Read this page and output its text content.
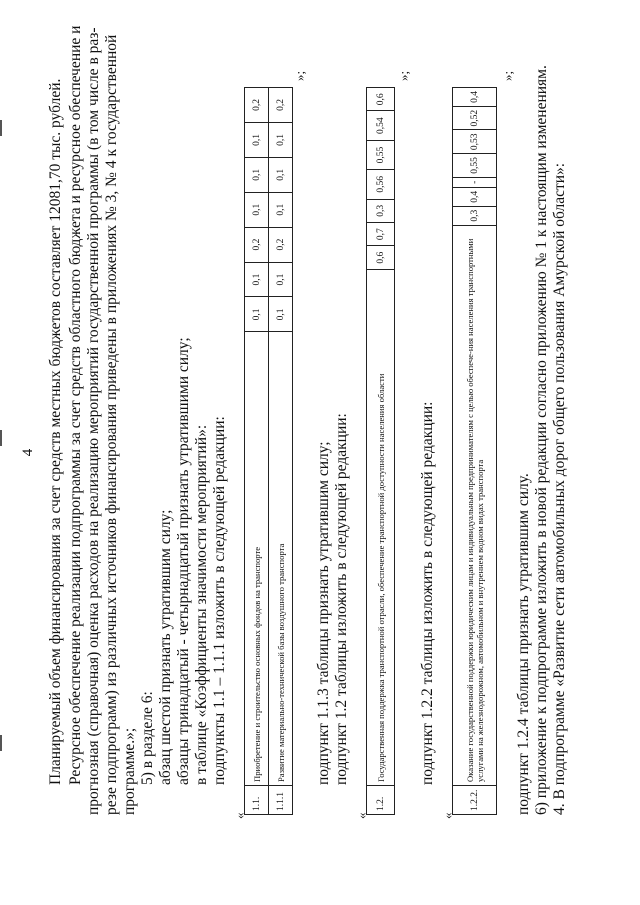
4 Планируемый объем финансирования за счет средств местных бюджетов составляет 12081,70 тыс. рублей. Ресурсное обеспечение реализации подпрограммы за счет средств областного бюджета и ресурсное обеспечение и прогнозная (справочная) оценка расходов на реализацию мероприятий государственной программы (в том числе в раз- резе подпрограмм) из различных источников финансирования приведены в приложениях № 3, № 4 к государственной программе.»; 5) в разделе 6: абзац шестой признать утратившим силу; абзацы тринадцатый - четырнадцатый признать утратившими силу; в таблице «Коэффициенты значимости мероприятий»: подпункты 1.1 – 1.1.1 изложить в следующей редакции:
«
1.1.	Приобретение и строительство основных фондов на транспорте	0,1	0,1	0,2	0,1	0,1	0,1	0,2
1.1.1	Развитие материально-технической базы воздушного транспорта	0,1	0,1	0,2	0,1	0,1	0,1	0,2
»;
подпункт 1.1.3 таблицы признать утратившим силу; подпункт 1.2 таблицы изложить в следующей редакции:
«
1.2.	Государственная поддержка транспортной отрасли, обеспечение транспортной доступности населения области	0,6	0,7	0,3	0,56	0,55	0,54	0,6
»;
подпункт 1.2.2 таблицы изложить в следующей редакции:
«
1.2.2.	Оказание государственной поддержки юридическим лицам и индивидуальным предпринимателям с целью обеспече-ния населения транспортными услугами на железнодорожном, автомобильном и внутреннем водном видах транспорта	0,3	0,4	-	0,55	0,53	0,52	0,4
»;
подпункт 1.2.4 таблицы признать утратившим силу. 6) приложение к подпрограмме изложить в новой редакции согласно приложению № 1 к настоящим изменениям. 4. В подпрограмме «Развитие сети автомобильных дорог общего пользования Амурской области»:
